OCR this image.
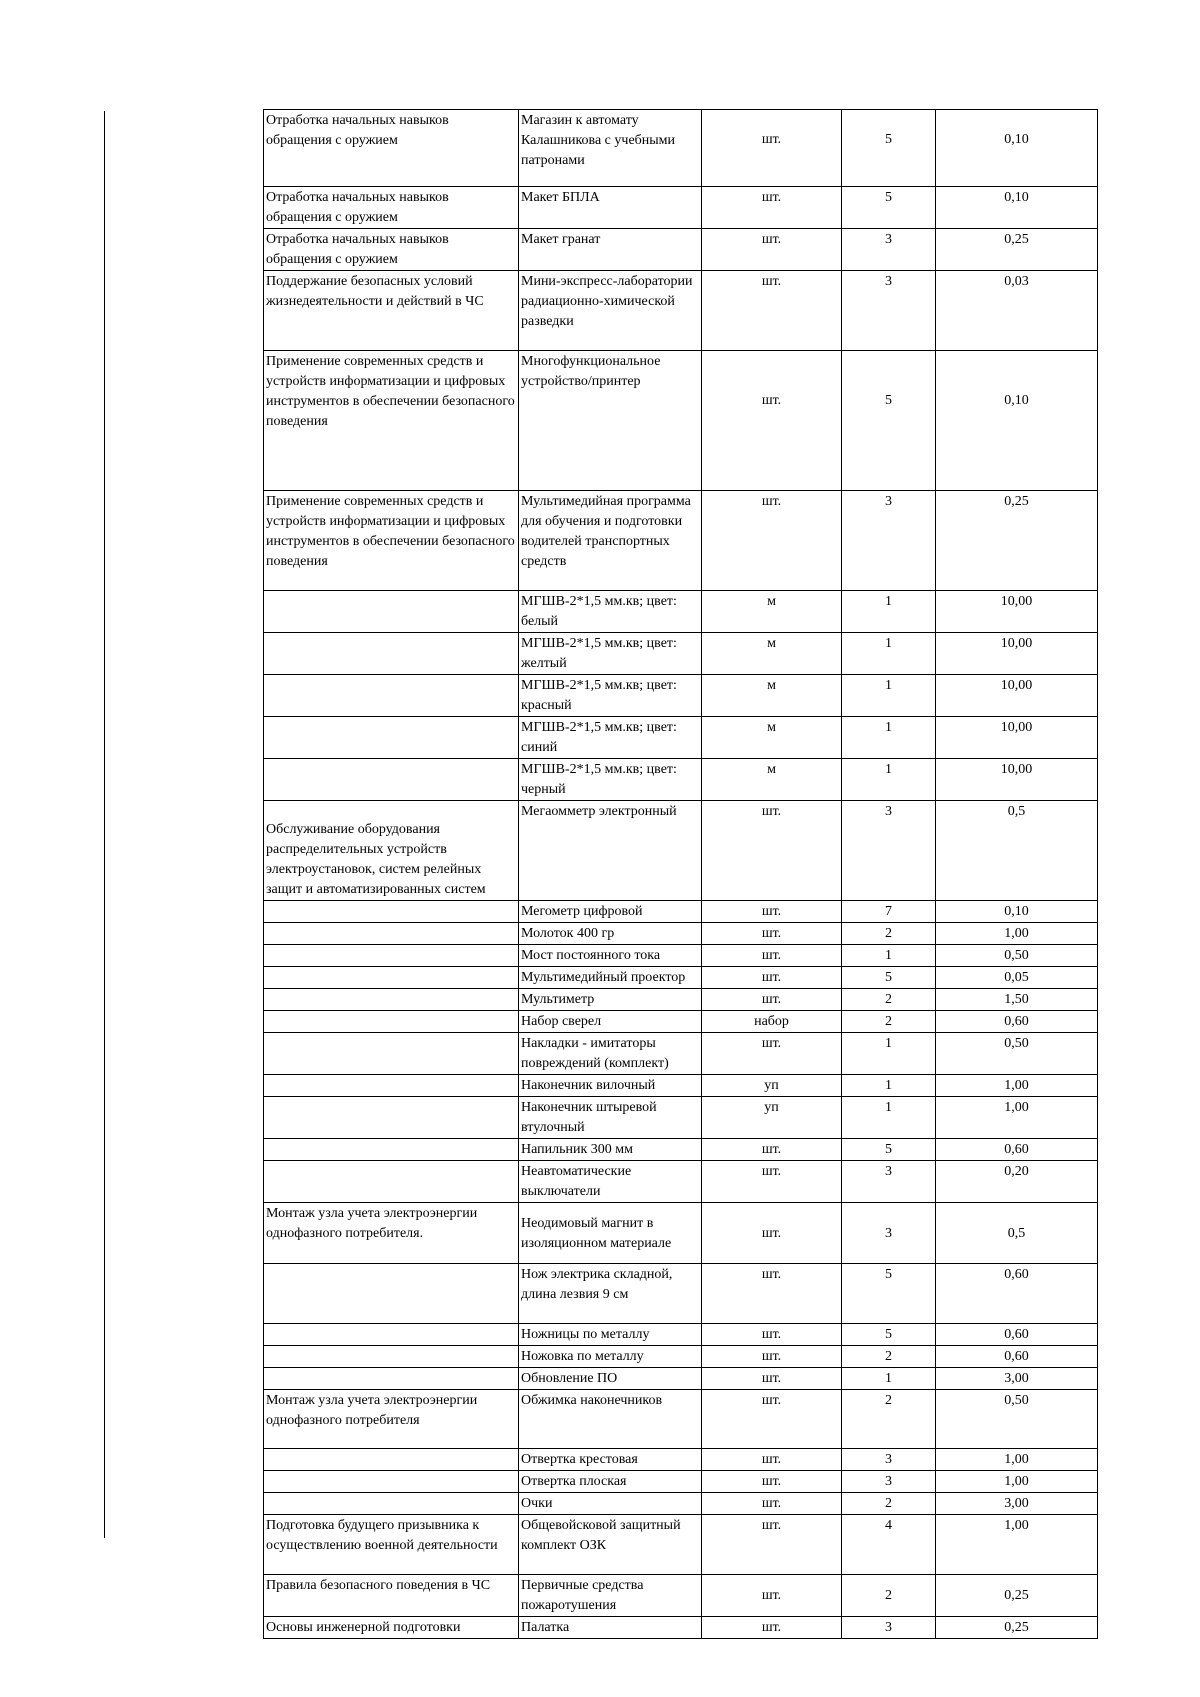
Отработка начальных навыков обращения с оружием	Магазин к автомату Калашникова с учебными патронами	шт.	5	0,10
Отработка начальных навыков обращения с оружием	Макет БПЛА	шт.	5	0,10
Отработка начальных навыков обращения с оружием	Макет гранат	шт.	3	0,25
Поддержание безопасных условий жизнедеятельности и действий в ЧС	Мини-экспресс-лаборатории радиационно-химической разведки	шт.	3	0,03
Применение современных средств и устройств информатизации и цифровых инструментов в обеспечении безопасного поведения	Многофункциональное устройство/принтер	шт.	5	0,10
Применение современных средств и устройств информатизации и цифровых инструментов в обеспечении безопасного поведения	Мультимедийная программа для обучения и подготовки водителей транспортных средств	шт.	3	0,25
	МГШВ-2*1,5 мм.кв; цвет: белый	м	1	10,00
	МГШВ-2*1,5 мм.кв; цвет: желтый	м	1	10,00
	МГШВ-2*1,5 мм.кв; цвет: красный	м	1	10,00
	МГШВ-2*1,5 мм.кв; цвет: синий	м	1	10,00
	МГШВ-2*1,5 мм.кв; цвет: черный	м	1	10,00
Обслуживание оборудования распределительных устройств электроустановок, систем релейных защит и автоматизированных систем	Мегаомметр электронный	шт.	3	0,5
	Мегометр цифровой	шт.	7	0,10
	Молоток 400 гр	шт.	2	1,00
	Мост постоянного тока	шт.	1	0,50
	Мультимедийный проектор	шт.	5	0,05
	Мультиметр	шт.	2	1,50
	Набор сверел	набор	2	0,60
	Накладки - имитаторы повреждений (комплект)	шт.	1	0,50
	Наконечник вилочный	уп	1	1,00
	Наконечник штыревой втулочный	уп	1	1,00
	Напильник 300 мм	шт.	5	0,60
	Неавтоматические выключатели	шт.	3	0,20
Монтаж узла учета электроэнергии однофазного потребителя.	Неодимовый магнит в изоляционном материале	шт.	3	0,5
	Нож электрика складной, длина лезвия 9 см	шт.	5	0,60
	Ножницы по металлу	шт.	5	0,60
	Ножовка по металлу	шт.	2	0,60
	Обновление ПО	шт.	1	3,00
Монтаж узла учета электроэнергии однофазного потребителя	Обжимка наконечников	шт.	2	0,50
	Отвертка крестовая	шт.	3	1,00
	Отвертка плоская	шт.	3	1,00
	Очки	шт.	2	3,00
Подготовка будущего призывника к осуществлению военной деятельности	Общевойсковой защитный комплект ОЗК	шт.	4	1,00
Правила безопасного поведения в ЧС	Первичные средства пожаротушения	шт.	2	0,25
Основы инженерной подготовки	Палатка	шт.	3	0,25
